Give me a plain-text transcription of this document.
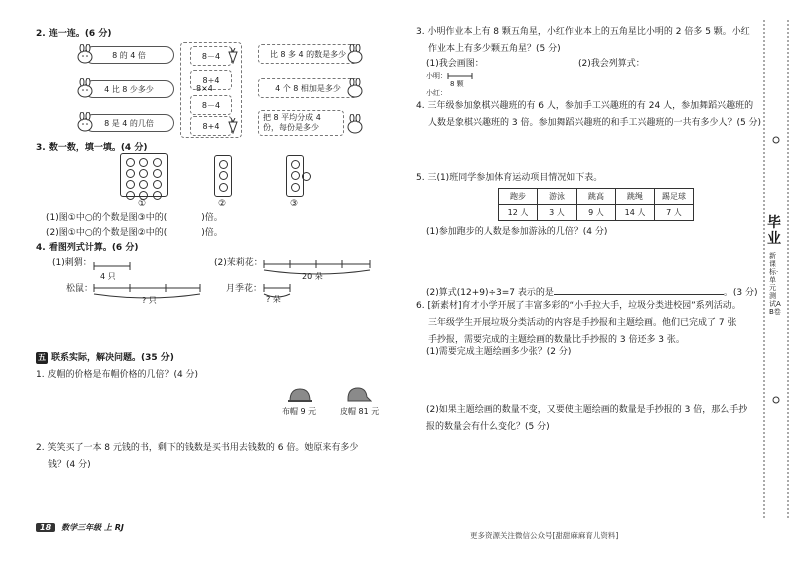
2. 连一连。(6 分)
8 的 4 倍
4 比 8 少多少
8 是 4 的几倍
8－4
8÷4
8－4
8+4
8×4
比 8 多 4 的数是多少
4 个 8 相加是多少
把 8 平均分成 4 份，每份是多少
3. 数一数，填一填。(4 分)
①	②	③
(1)图①中○的个数是图③中的(	)倍。
(2)图①中○的个数是图②中的(	)倍。
4. 看图列式计算。(6 分)
(1)刺猬：
4 只
松鼠：
? 只
(2)茉莉花：
20 朵
月季花：
? 朵
五 联系实际，解决问题。(35 分)
1. 皮帽的价格是布帽价格的几倍？(4 分)
布帽 9 元	皮帽 81 元
2. 笑笑买了一本 8 元钱的书，剩下的钱数是买书用去钱数的 6 倍。她原来有多少
钱？(4 分)
18 数学三年级 上 RJ
3. 小明作业本上有 8 颗五角星，小红作业本上的五角星比小明的 2 倍多 5 颗。小红
作业本上有多少颗五角星？(5 分)
(1)我会画图：	(2)我会列算式：
小明：
8 颗
小红：
4. 三年级参加象棋兴趣班的有 6 人，参加手工兴趣班的有 24 人，参加舞蹈兴趣班的
人数是象棋兴趣班的 3 倍。参加舞蹈兴趣班的和手工兴趣班的一共有多少人？(5 分)
5. 三(1)班同学参加体育运动项目情况如下表。
跑步	游泳	跳高	跳绳	踢足球
12 人	3 人	9 人	14 人	7 人
(1)参加跑步的人数是参加游泳的几倍？(4 分)
(2)算式(12+9)÷3=7 表示的是	。(3 分)
6. [新素材]育才小学开展了丰富多彩的“小手拉大手，垃圾分类进校园”系列活动。
三年级学生开展垃圾分类活动的内容是手抄报和主题绘画。他们已完成了 7 张
手抄报，需要完成的主题绘画的数量比手抄报的 3 倍还多 3 张。
(1)需要完成主题绘画多少张？(2 分)
(2)如果主题绘画的数量不变，又要使主题绘画的数量是手抄报的 3 倍，那么手抄
报的数量会有什么变化？(5 分)
更多资源关注微信公众号[甜甜麻麻育儿资料]
毕业
新课标·单元测试AB卷
